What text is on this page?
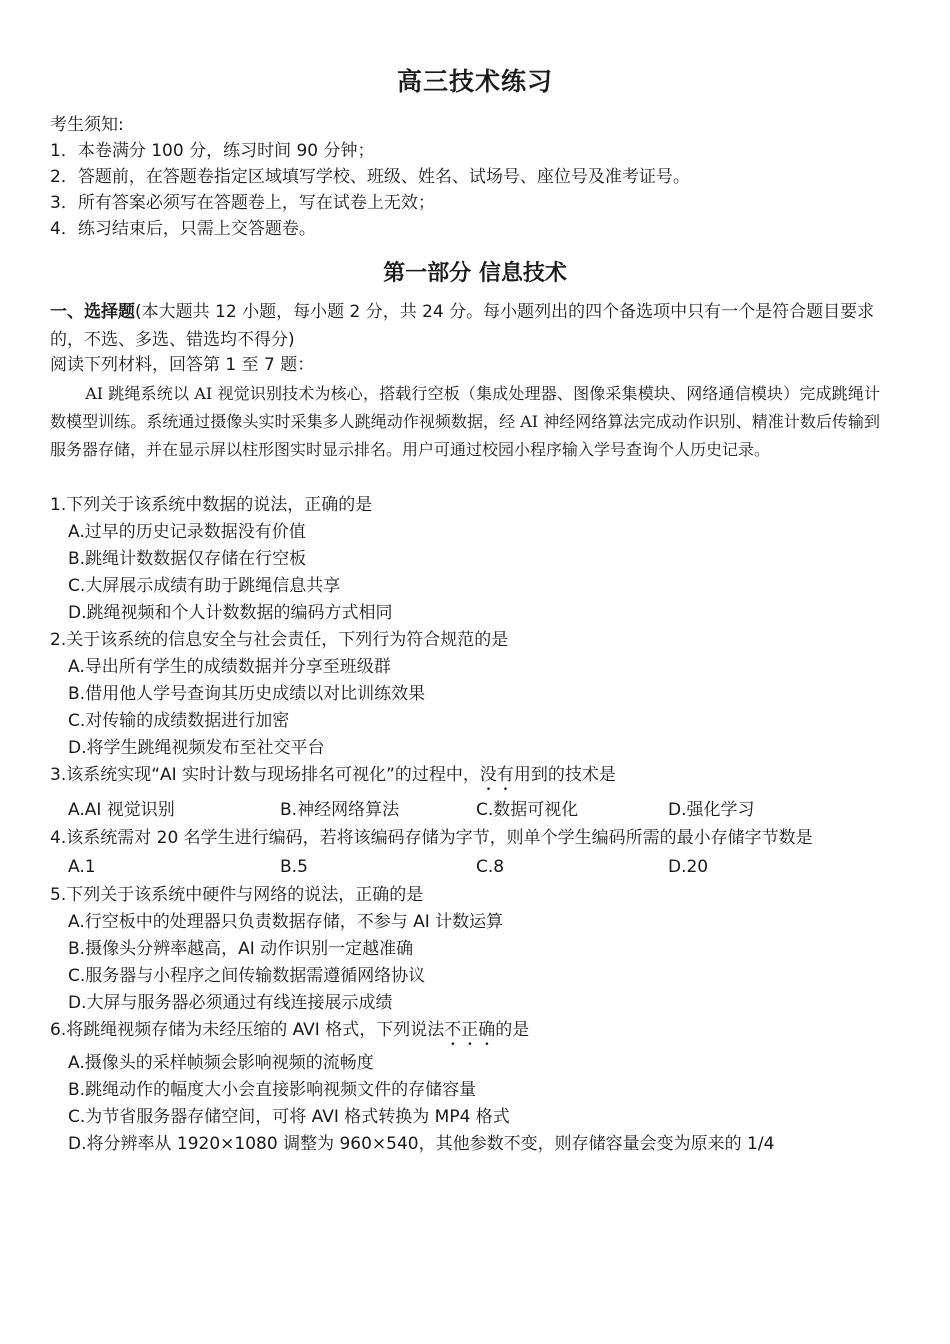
高三技术练习
考生须知:
1．本卷满分 100 分，练习时间 90 分钟；
2．答题前，在答题卷指定区域填写学校、班级、姓名、试场号、座位号及准考证号。
3．所有答案必须写在答题卷上，写在试卷上无效；
4．练习结束后，只需上交答题卷。
第一部分 信息技术
一、选择题(本大题共 12 小题，每小题 2 分，共 24 分。每小题列出的四个备选项中只有一个是符合题目要求的，不选、多选、错选均不得分)
阅读下列材料，回答第 1 至 7 题：
AI 跳绳系统以 AI 视觉识别技术为核心，搭载行空板（集成处理器、图像采集模块、网络通信模块）完成跳绳计数模型训练。系统通过摄像头实时采集多人跳绳动作视频数据，经 AI 神经网络算法完成动作识别、精准计数后传输到服务器存储，并在显示屏以柱形图实时显示排名。用户可通过校园小程序输入学号查询个人历史记录。
1.下列关于该系统中数据的说法，正确的是
A.过早的历史记录数据没有价值
B.跳绳计数数据仅存储在行空板
C.大屏展示成绩有助于跳绳信息共享
D.跳绳视频和个人计数数据的编码方式相同
2.关于该系统的信息安全与社会责任，下列行为符合规范的是
A.导出所有学生的成绩数据并分享至班级群
B.借用他人学号查询其历史成绩以对比训练效果
C.对传输的成绩数据进行加密
D.将学生跳绳视频发布至社交平台
3.该系统实现“AI 实时计数与现场排名可视化”的过程中，没有用到的技术是
A.AI 视觉识别	B.神经网络算法	C.数据可视化	D.强化学习
4.该系统需对 20 名学生进行编码，若将该编码存储为字节，则单个学生编码所需的最小存储字节数是
A.1	B.5	C.8	D.20
5.下列关于该系统中硬件与网络的说法，正确的是
A.行空板中的处理器只负责数据存储，不参与 AI 计数运算
B.摄像头分辨率越高，AI 动作识别一定越准确
C.服务器与小程序之间传输数据需遵循网络协议
D.大屏与服务器必须通过有线连接展示成绩
6.将跳绳视频存储为未经压缩的 AVI 格式，下列说法不正确的是
A.摄像头的采样帧频会影响视频的流畅度
B.跳绳动作的幅度大小会直接影响视频文件的存储容量
C.为节省服务器存储空间，可将 AVI 格式转换为 MP4 格式
D.将分辨率从 1920×1080 调整为 960×540，其他参数不变，则存储容量会变为原来的 1/4
